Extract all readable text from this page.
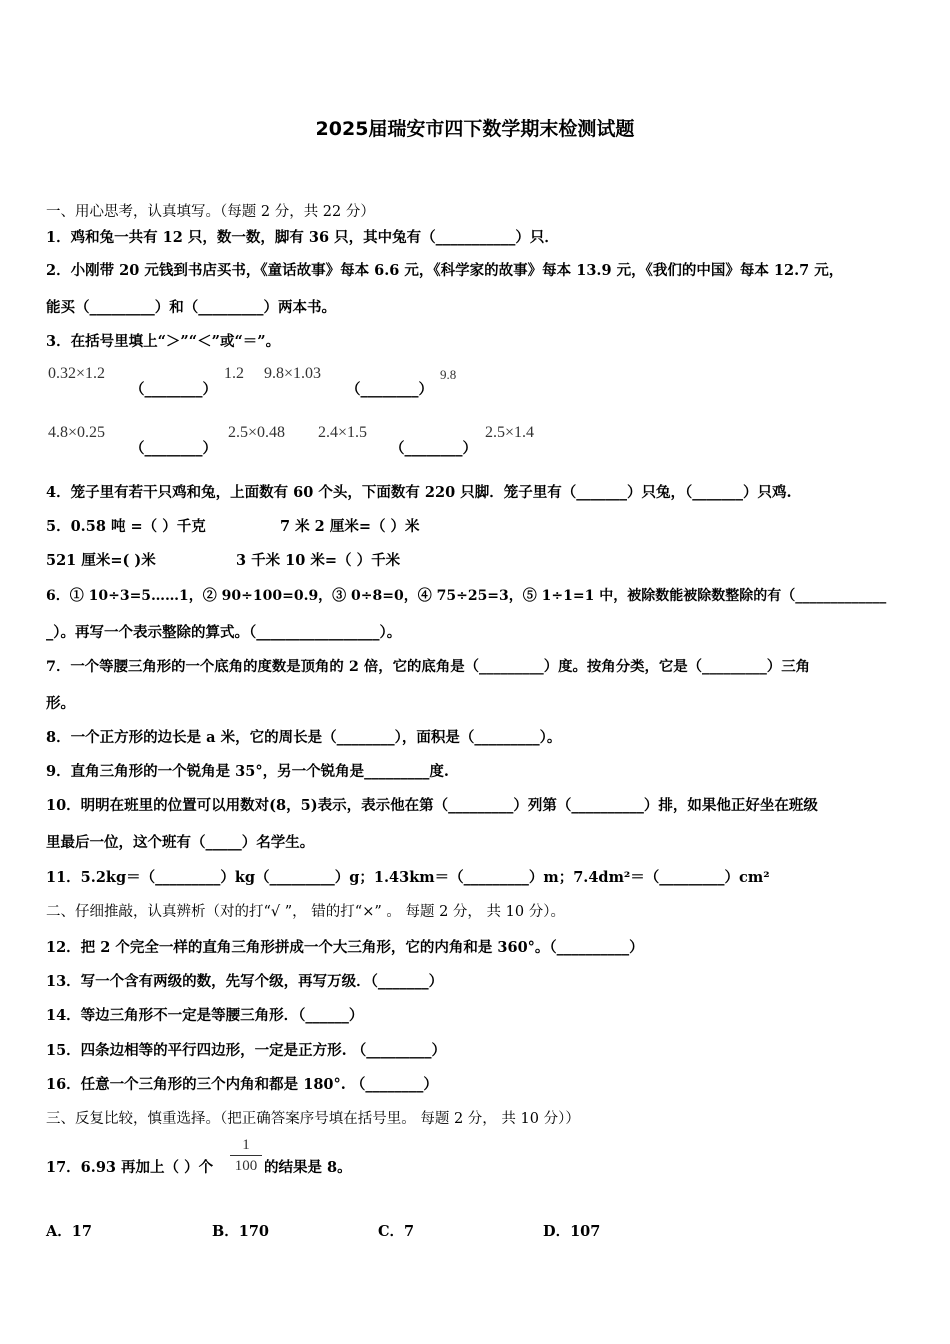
2025届瑞安市四下数学期末检测试题
一、用心思考，认真填写。（每题 2 分，共 22 分）
1．鸡和兔一共有 12 只，数一数，脚有 36 只，其中兔有（___________）只．
2．小刚带 20 元钱到书店买书，《童话故事》每本 6.6 元，《科学家的故事》每本 13.9 元，《我们的中国》每本 12.7 元，
能买（_________）和（_________）两本书。
3．在括号里填上“＞”“＜”或“＝”。
0.32×1.2
（________）
1.2 9.8×1.03
（________）
9.8
4.8×0.25
（________）
2.5×0.48 2.4×1.5
（________）
2.5×1.4
4．笼子里有若干只鸡和兔，上面数有 60 个头，下面数有 220 只脚．笼子里有（_______）只兔，（_______）只鸡.
5．0.58 吨 =（ ）千克	7 米 2 厘米=（ ）米
521 厘米=( )米	3 千米 10 米=（ ）千米
6．① 10÷3=5……1，② 90÷100=0.9，③ 0÷8=0，④ 75÷25=3，⑤ 1÷1=1 中，被除数能被除数整除的有（_____________
_）。再写一个表示整除的算式。（_________________）。
7．一个等腰三角形的一个底角的度数是顶角的 2 倍，它的底角是（_________）度。按角分类，它是（_________）三角
形。
8．一个正方形的边长是 a 米，它的周长是（________），面积是（_________）。
9．直角三角形的一个锐角是 35°，另一个锐角是_________度.
10．明明在班里的位置可以用数对(8，5)表示，表示他在第（_________）列第（__________）排，如果他正好坐在班级
里最后一位，这个班有（_____）名学生。
11．5.2kg＝（_________）kg（_________）g；1.43km＝（_________）m；7.4dm²＝（_________）cm²
二、仔细推敲，认真辨析（对的打“√ ”， 错的打“×” 。 每题 2 分， 共 10 分）。
12．把 2 个完全一样的直角三角形拼成一个大三角形，它的内角和是 360°。（__________）
13．写一个含有两级的数，先写个级，再写万级．（_______）
14．等边三角形不一定是等腰三角形．（______）
15．四条边相等的平行四边形，一定是正方形. （_________）
16．任意一个三角形的三个内角和都是 180°. （________）
三、反复比较，慎重选择。（把正确答案序号填在括号里。 每题 2 分， 共 10 分））
17．6.93 再加上（ ）个
1
100 的结果是 8。
A．17	B．170	C．7	D．107
